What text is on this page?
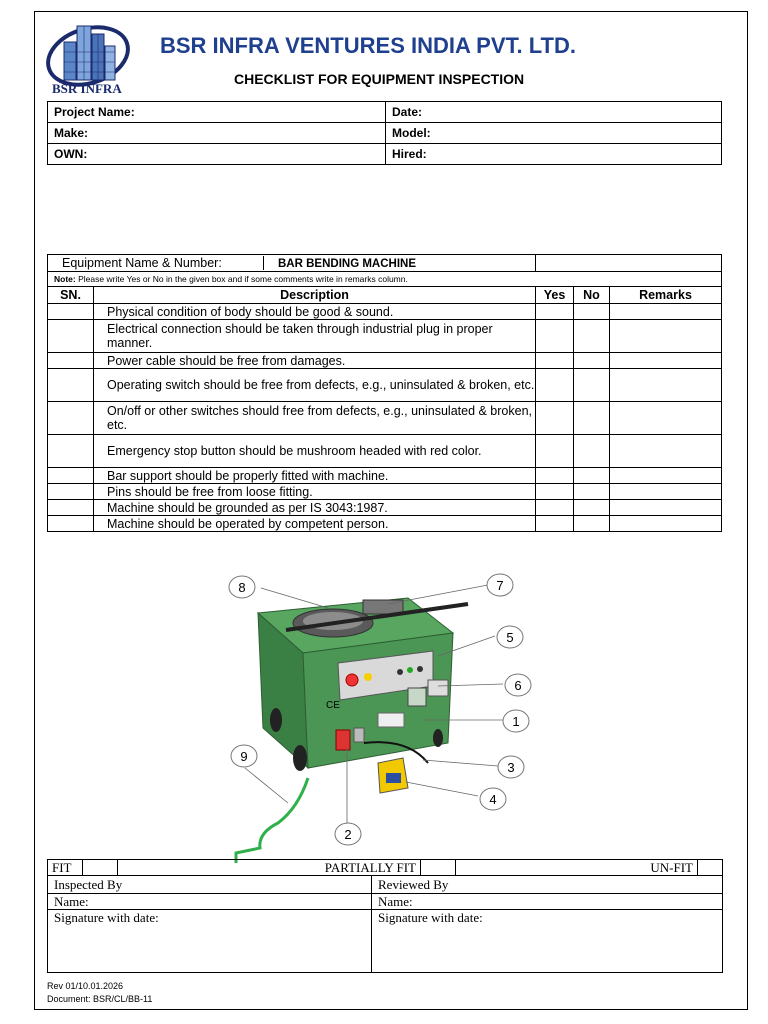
BSR INFRA
BSR INFRA VENTURES INDIA PVT. LTD.
CHECKLIST FOR EQUIPMENT INSPECTION
Project Name:	Date:
Make:	Model:
OWN:	Hired:
Equipment Name & Number: BAR BENDING MACHINE				
Note: Please write Yes or No in the given box and if some comments write in remarks column.				
SN.	Description	Yes	No	Remarks
	Physical condition of body should be good & sound.			
	Electrical connection should be taken through industrial plug in proper manner.			
	Power cable should be free from damages.			
	Operating switch should be free from defects, e.g., uninsulated & broken, etc.			
	On/off or other switches should free from defects, e.g., uninsulated & broken, etc.			
	Emergency stop button should be mushroom headed with red color.			
	Bar support should be properly fitted with machine.			
	Pins should be free from loose fitting.			
	Machine should be grounded as per IS 3043:1987.			
	Machine should be operated by competent person.			
CE
8	7
5
6
1
3
4
2
9
FIT PARTIALLY FIT UN-FIT	

Inspected By	Reviewed By
Name:	Name:
Signature with date:	Signature with date:
Rev 01/10.01.2026
Document: BSR/CL/BB-11
